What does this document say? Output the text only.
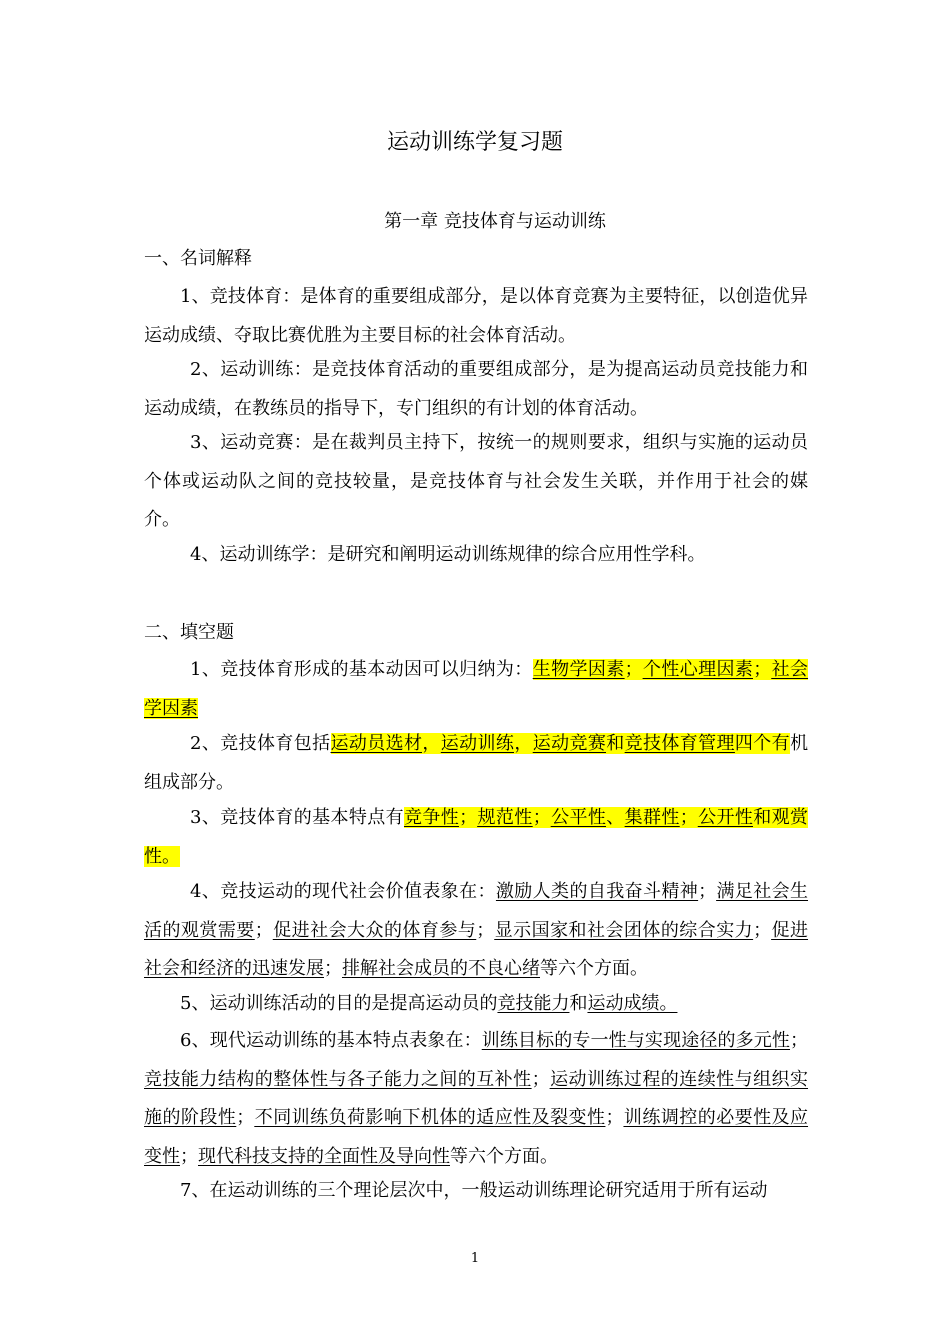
运动训练学复习题
第一章 竞技体育与运动训练
一、名词解释
1、竞技体育：是体育的重要组成部分，是以体育竞赛为主要特征，以创造优异运动成绩、夺取比赛优胜为主要目标的社会体育活动。
2、运动训练：是竞技体育活动的重要组成部分，是为提高运动员竞技能力和运动成绩，在教练员的指导下，专门组织的有计划的体育活动。
3、运动竞赛：是在裁判员主持下，按统一的规则要求，组织与实施的运动员个体或运动队之间的竞技较量，是竞技体育与社会发生关联，并作用于社会的媒介。
4、运动训练学：是研究和阐明运动训练规律的综合应用性学科。
二、填空题
1、竞技体育形成的基本动因可以归纳为：生物学因素；个性心理因素；社会学因素
2、竞技体育包括运动员选材，运动训练，运动竞赛和竞技体育管理四个有机组成部分。
3、竞技体育的基本特点有竞争性；规范性；公平性、集群性；公开性和观赏性。
4、竞技运动的现代社会价值表象在：激励人类的自我奋斗精神；满足社会生活的观赏需要；促进社会大众的体育参与；显示国家和社会团体的综合实力；促进社会和经济的迅速发展；排解社会成员的不良心绪等六个方面。
5、运动训练活动的目的是提高运动员的竞技能力和运动成绩。
6、现代运动训练的基本特点表象在：训练目标的专一性与实现途径的多元性；竞技能力结构的整体性与各子能力之间的互补性；运动训练过程的连续性与组织实施的阶段性；不同训练负荷影响下机体的适应性及裂变性；训练调控的必要性及应变性；现代科技支持的全面性及导向性等六个方面。
7、在运动训练的三个理论层次中，一般运动训练理论研究适用于所有运动
1
